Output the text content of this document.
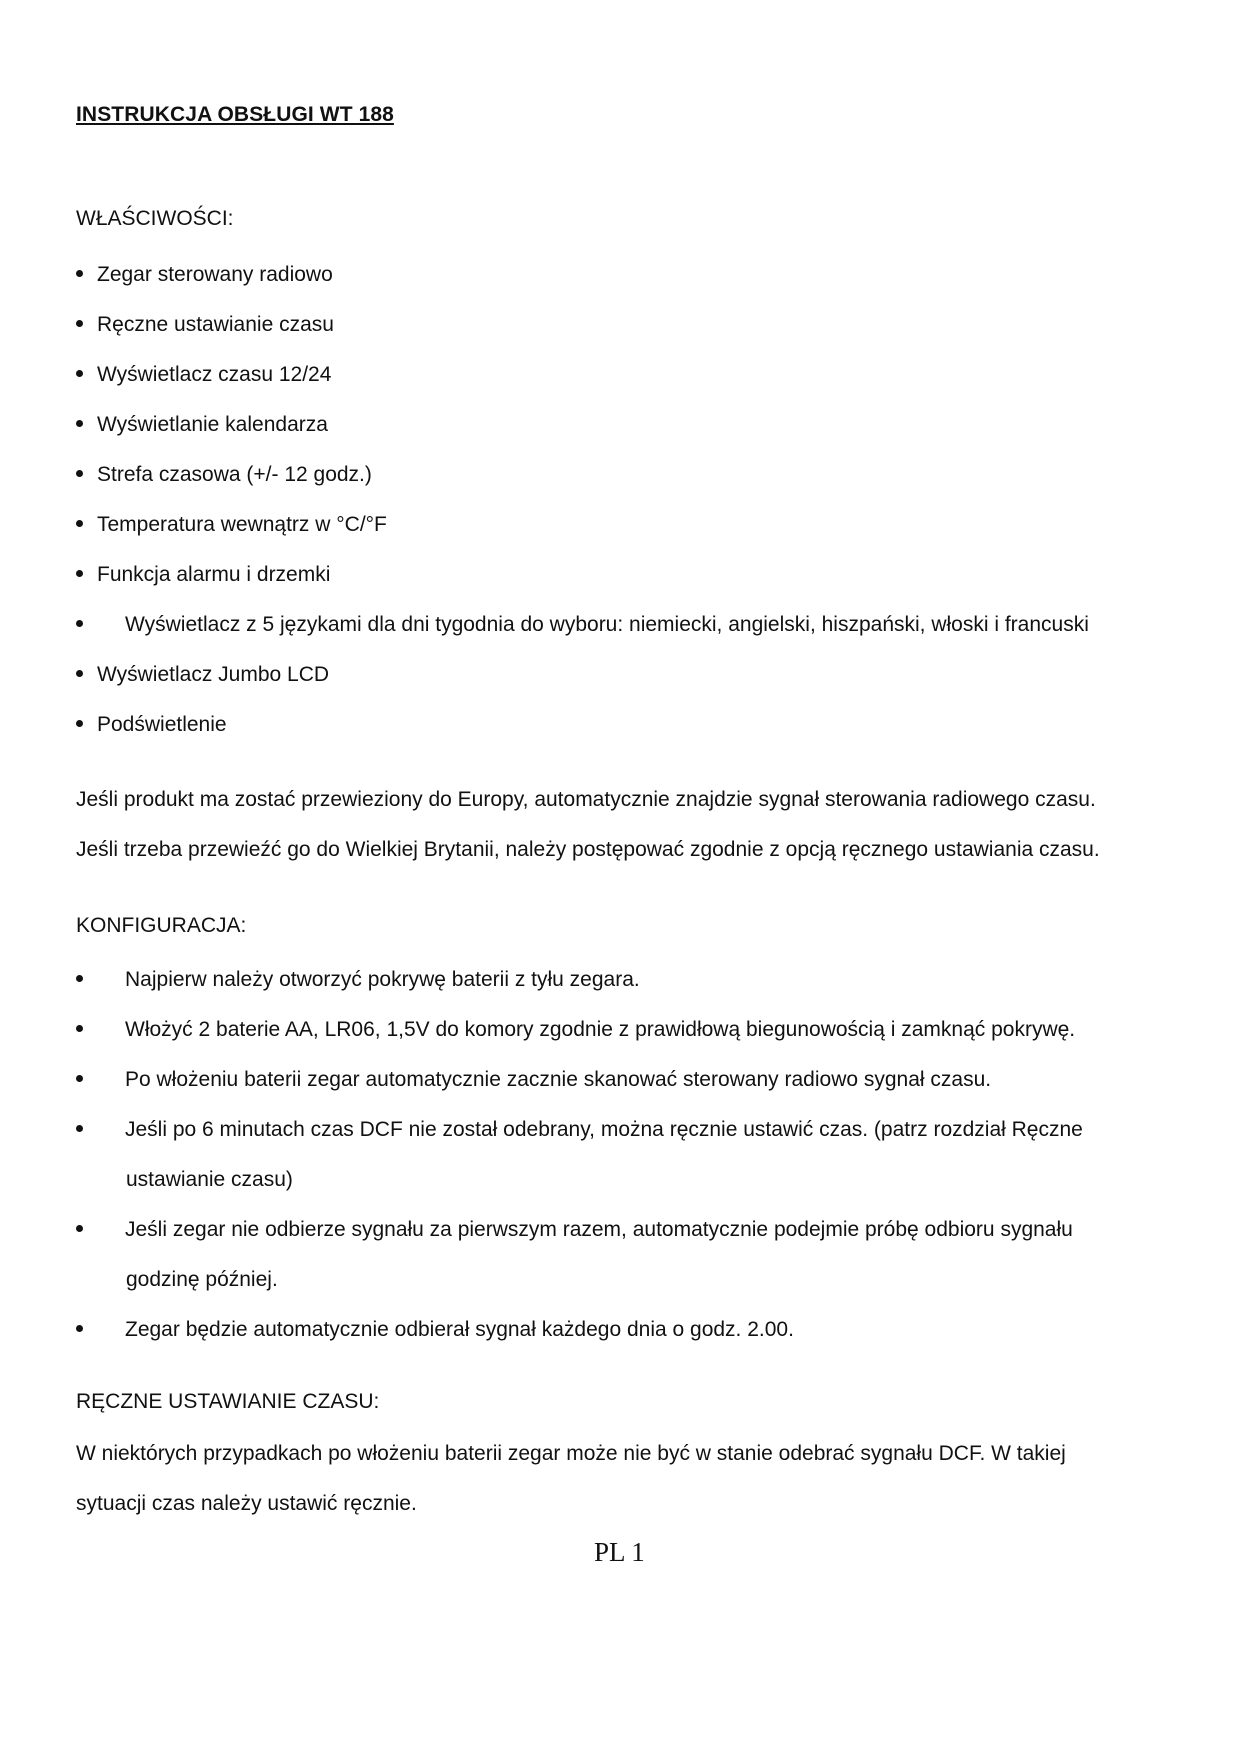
INSTRUKCJA OBSŁUGI WT 188
WŁAŚCIWOŚCI:
Zegar sterowany radiowo
Ręczne ustawianie czasu
Wyświetlacz czasu 12/24
Wyświetlanie kalendarza
Strefa czasowa (+/- 12 godz.)
Temperatura wewnątrz w °C/°F
Funkcja alarmu i drzemki
Wyświetlacz z 5 językami dla dni tygodnia do wyboru: niemiecki, angielski, hiszpański, włoski i francuski
Wyświetlacz Jumbo LCD
Podświetlenie

Jeśli produkt ma zostać przewieziony do Europy, automatycznie znajdzie sygnał sterowania radiowego czasu.

Jeśli trzeba przewieźć go do Wielkiej Brytanii, należy postępować zgodnie z opcją ręcznego ustawiania czasu.

KONFIGURACJA:
Najpierw należy otworzyć pokrywę baterii z tyłu zegara.
Włożyć 2 baterie AA, LR06, 1,5V do komory zgodnie z prawidłową biegunowością i zamknąć pokrywę.
Po włożeniu baterii zegar automatycznie zacznie skanować sterowany radiowo sygnał czasu.
Jeśli po 6 minutach czas DCF nie został odebrany, można ręcznie ustawić czas. (patrz rozdział Ręczne
Jeśli zegar nie odbierze sygnału za pierwszym razem, automatycznie podejmie próbę odbioru sygnału
Zegar będzie automatycznie odbierał sygnał każdego dnia o godz. 2.00.
ustawianie czasu)
godzinę później.
RĘCZNE USTAWIANIE CZASU:

W niektórych przypadkach po włożeniu baterii zegar może nie być w stanie odebrać sygnału DCF. W takiej

sytuacji czas należy ustawić ręcznie.

PL 1
